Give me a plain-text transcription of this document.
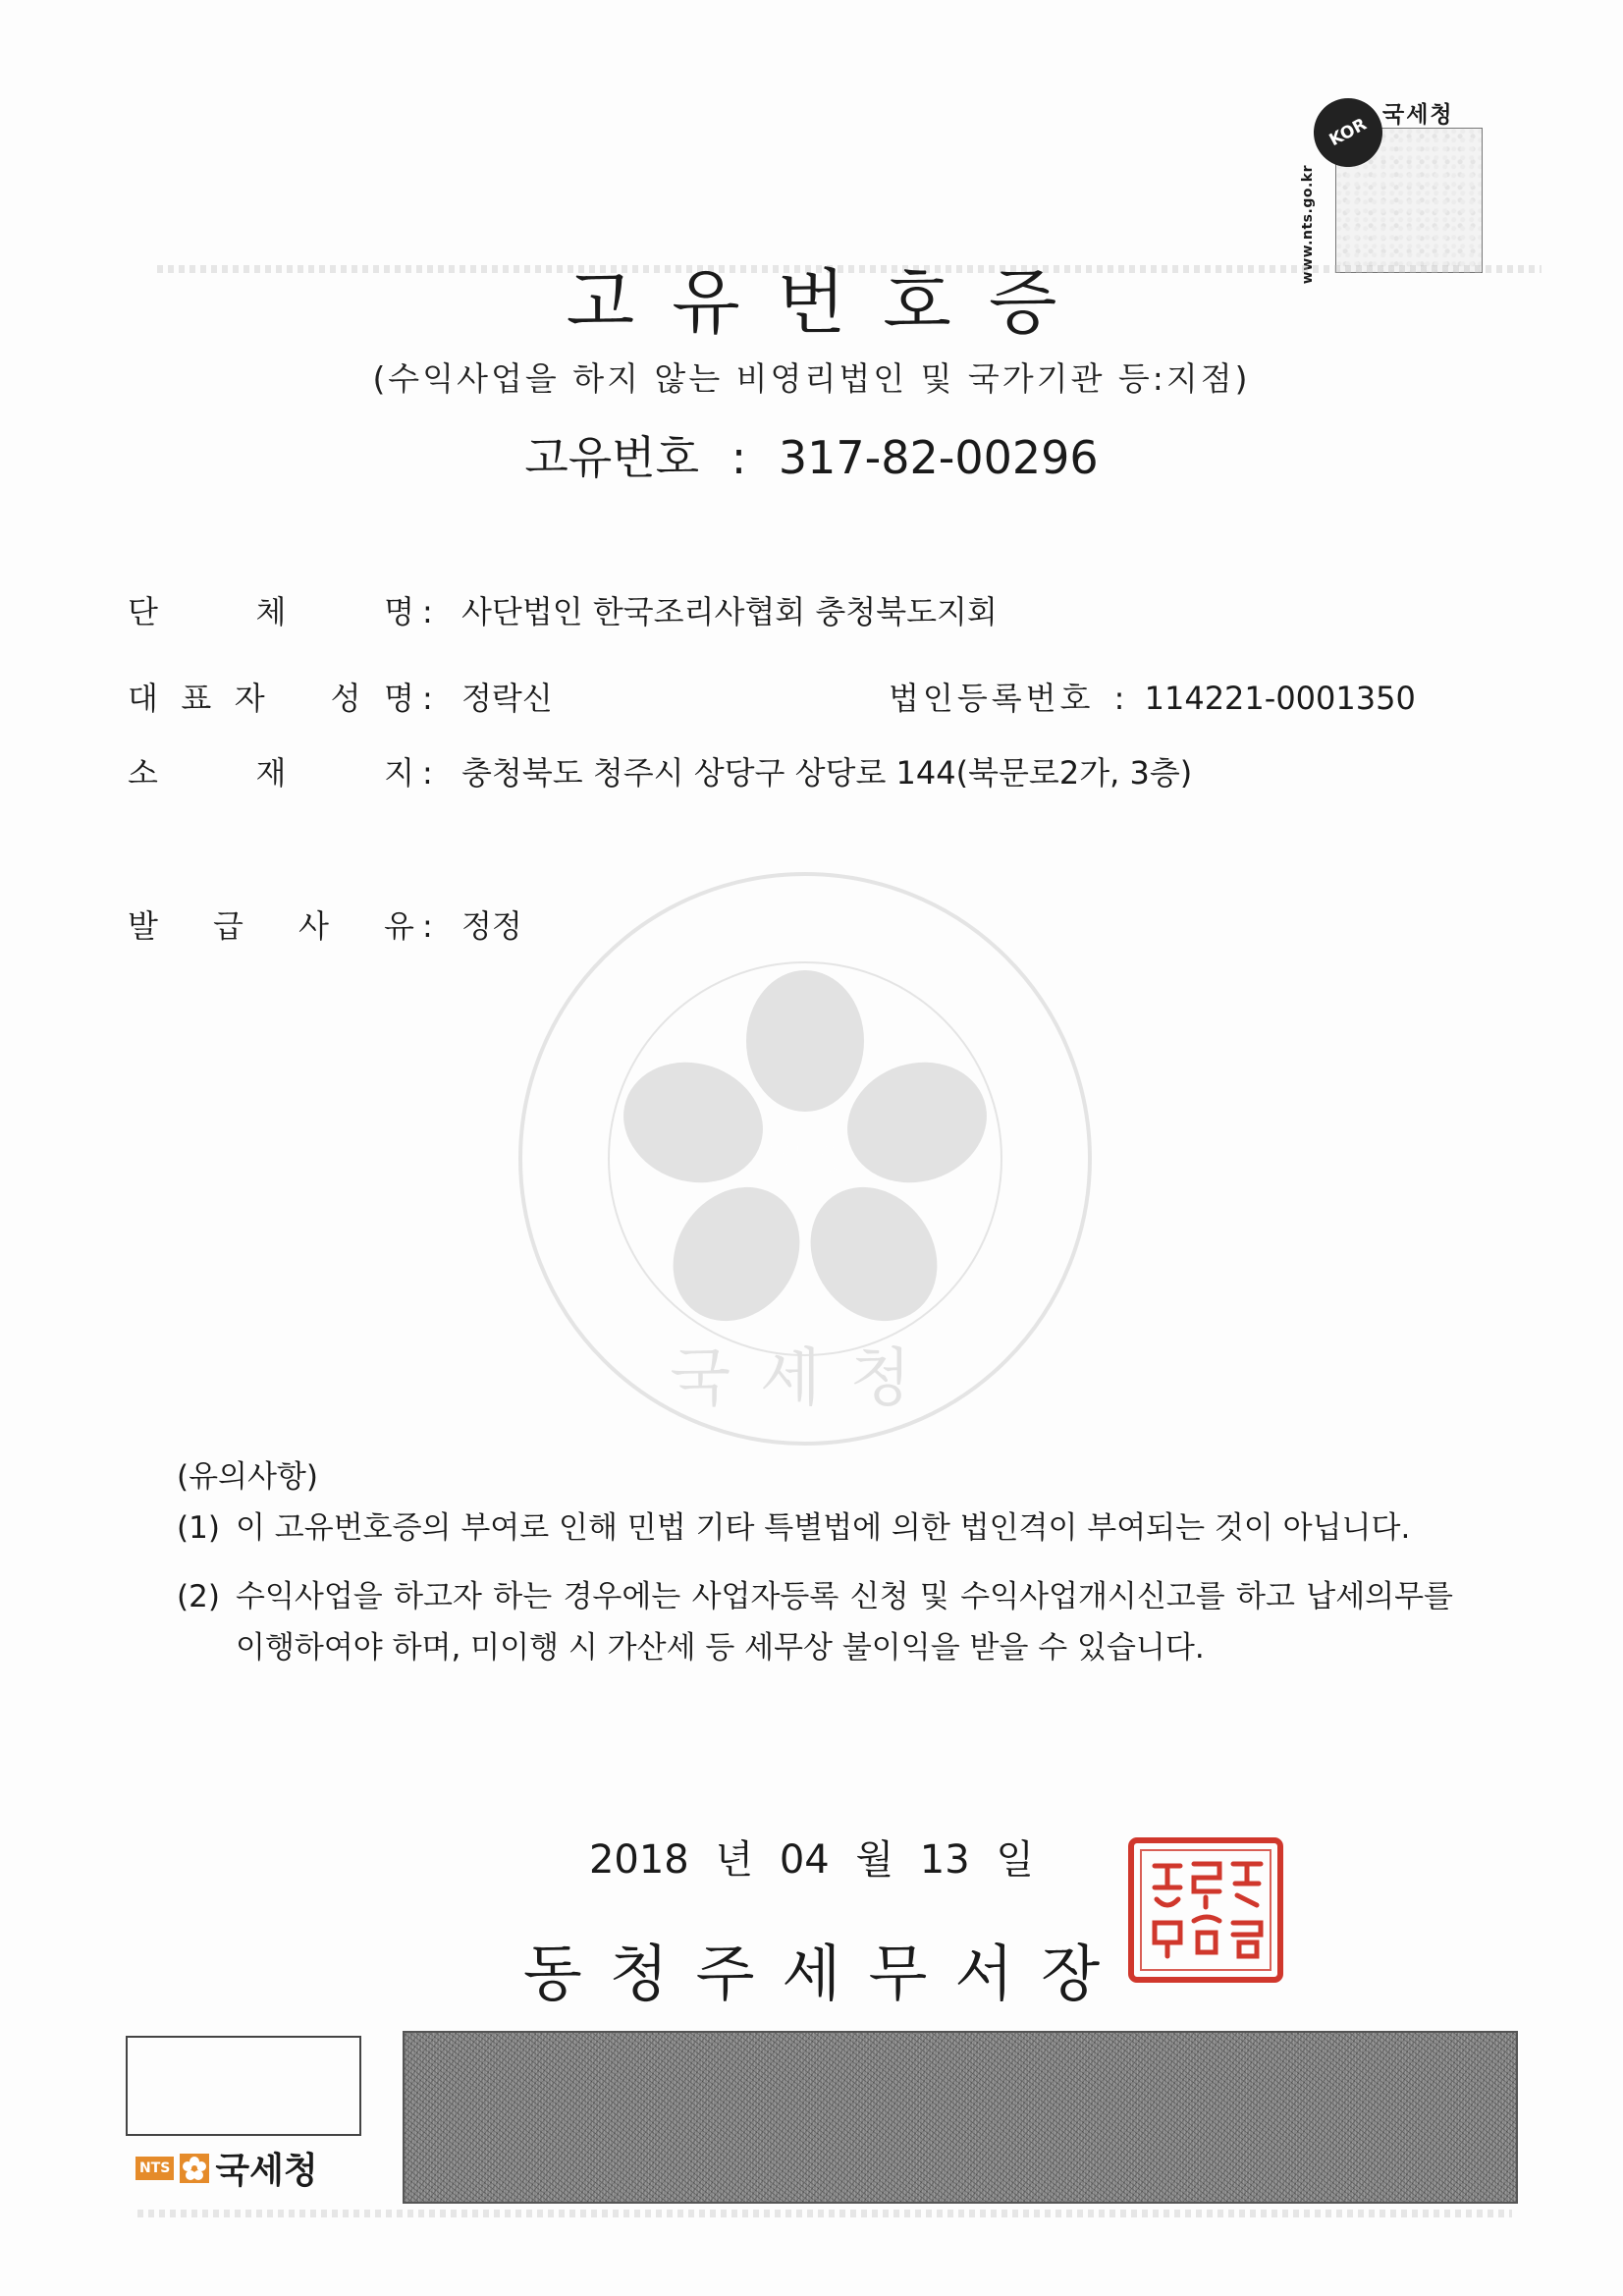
KOR 국세청
www.nts.go.kr
고유번호증
(수익사업을 하지 않는 비영리법인 및 국가기관 등:지점)
고유번호 : 317-82-00296
NTS
국세청
단	체	명 : 사단법인 한국조리사협회 충청북도지회
대 표 자 성 명 : 정락신	법인등록번호 : 114221-0001350
소	재	지 : 충청북도 청주시 상당구 상당로 144(북문로2가, 3층)
발 급 사 유 : 정정
(유의사항)
(1) 이 고유번호증의 부여로 인해 민법 기타 특별법에 의한 법인격이 부여되는 것이 아닙니다.
(2) 수익사업을 하고자 하는 경우에는 사업자등록 신청 및 수익사업개시신고를 하고 납세의무를 이행하여야 하며, 미이행 시 가산세 등 세무상 불이익을 받을 수 있습니다.
2018 년 04 월 13 일
동청주세무서장
NTS 국세청
